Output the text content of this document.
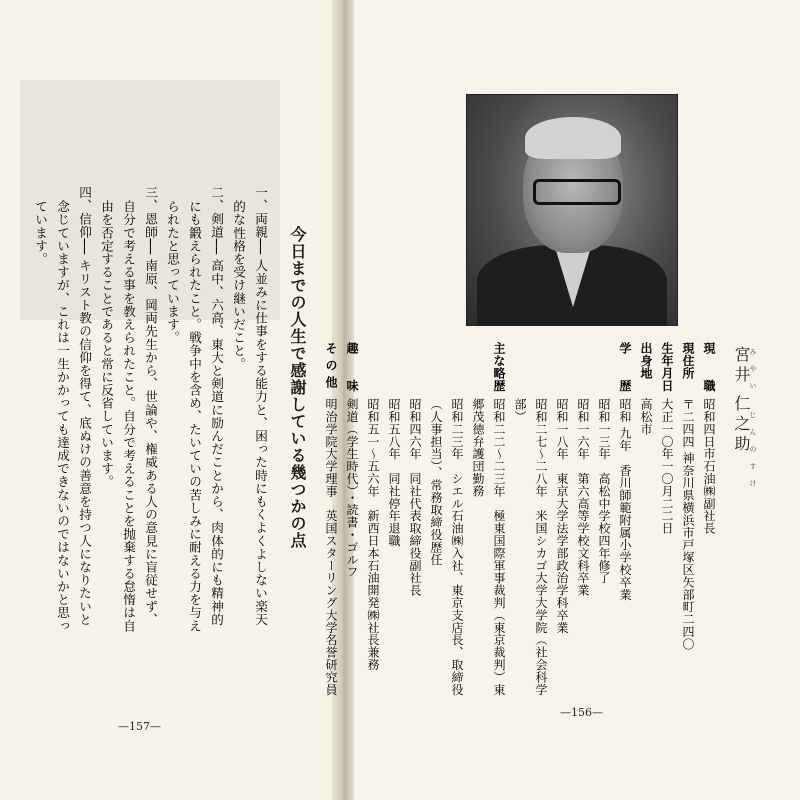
今日までの人生で感謝している幾つかの点
一、両親── 人並みに仕事をする能力と、困った時にもくよくよしない楽天
的な性格を受け継いだこと。
二、剣道── 高中、六高、東大と剣道に励んだことから、肉体的にも精神的
にも鍛えられたこと。戦争中を含め、たいていの苦しみに耐える力を与え
られたと思っています。
三、恩師── 南原、岡両先生から、世論や、権威ある人の意見に盲従せず、
自分で考える事を教えられたこと。自分で考えることを抛棄する怠惰は自
由を否定することであると常に反省しています。
四、信仰── キリスト教の信仰を得て、底ぬけの善意を持つ人になりたいと
念じていますが、これは一生かかっても達成できないのではないかと思っ
ています。
—157—
みやい じんのすけ
宮井 仁之助
現　　職昭和四日市石油㈱副社長
現住所〒二四四 神奈川県横浜市戸塚区矢部町二四〇
生年月日大正一〇年一〇月二二日
出身地高松市
学　　歴昭和 九年　香川師範附属小学校卒業
昭和一三年　高松中学校四年修了
昭和一六年　第六高等学校文科卒業
昭和一八年　東京大学法学部政治学科卒業
昭和二七～二八年　米国シカゴ大学大学院（社会科学
部）
主な略歴昭和二二～二三年　極東国際軍事裁判（東京裁判）東
郷茂徳弁護団勤務
昭和二三年　シエル石油㈱入社、東京支店長、取締役
（人事担当）、常務取締役歴任
昭和四六年　同社代表取締役副社長
昭和五八年　同社停年退職
昭和五一～五六年　新西日本石油開発㈱社長兼務
趣　　味剣道（学生時代）・読書・ゴルフ
そ の 他明治学院大学理事　英国スターリング大学名誉研究員
—156—
